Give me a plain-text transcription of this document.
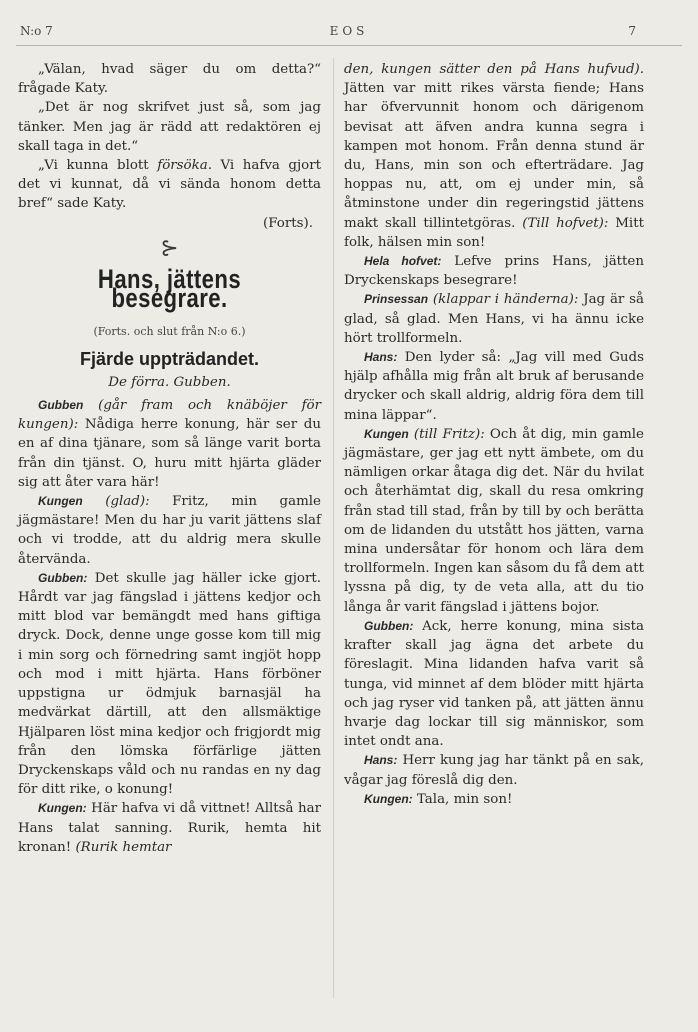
N:o 7	EOS	7

„Välan, hvad säger du om detta?“ frågade Katy.

„Det är nog skrifvet just så, som jag tänker. Men jag är rädd att redaktören ej skall taga in det.“

„Vi kunna blott försöka. Vi hafva gjort det vi kunnat, då vi sända honom detta bref“ sade Katy.

(Forts).

⊱
Hans, jättens besegrare.
(Forts. och slut från N:o 6.)
Fjärde uppträdandet.
De förra. Gubben.

Gubben (går fram och knäböjer för kungen): Nådiga herre konung, här ser du en af dina tjänare, som så länge varit borta från din tjänst. O, huru mitt hjärta gläder sig att åter vara här!

Kungen (glad): Fritz, min gamle jägmästare! Men du har ju varit jättens slaf och vi trodde, att du aldrig mera skulle återvända.

Gubben: Det skulle jag häller icke gjort. Hårdt var jag fängslad i jättens kedjor och mitt blod var bemängdt med hans giftiga dryck. Dock, denne unge gosse kom till mig i min sorg och förnedring samt ingjöt hopp och mod i mitt hjärta. Hans förböner uppstigna ur ödmjuk barnasjäl ha medvärkat därtill, att den allsmäktige Hjälparen löst mina kedjor och frigjordt mig från den lömska förfärlige jätten Dryckenskaps våld och nu randas en ny dag för ditt rike, o konung!

Kungen: Här hafva vi då vittnet! Alltså har Hans talat sanning. Rurik, hemta hit kronan! (Rurik hemtar

den, kungen sätter den på Hans hufvud). Jätten var mitt rikes värsta fiende; Hans har öfvervunnit honom och därigenom bevisat att äfven andra kunna segra i kampen mot honom. Från denna stund är du, Hans, min son och efterträdare. Jag hoppas nu, att, om ej under min, så åtminstone under din regeringstid jättens makt skall tillintetgöras. (Till hofvet): Mitt folk, hälsen min son!

Hela hofvet: Lefve prins Hans, jätten Dryckenskaps besegrare!

Prinsessan (klappar i händerna): Jag är så glad, så glad. Men Hans, vi ha ännu icke hört trollformeln.

Hans: Den lyder så: „Jag vill med Guds hjälp afhålla mig från alt bruk af berusande drycker och skall aldrig, aldrig föra dem till mina läppar“.

Kungen (till Fritz): Och åt dig, min gamle jägmästare, ger jag ett nytt ämbete, om du nämligen orkar åtaga dig det. När du hvilat och återhämtat dig, skall du resa omkring från stad till stad, från by till by och berätta om de lidanden du utstått hos jätten, varna mina undersåtar för honom och lära dem trollformeln. Ingen kan såsom du få dem att lyssna på dig, ty de veta alla, att du tio långa år varit fängslad i jättens bojor.

Gubben: Ack, herre konung, mina sista krafter skall jag ägna det arbete du föreslagit. Mina lidanden hafva varit så tunga, vid minnet af dem blöder mitt hjärta och jag ryser vid tanken på, att jätten ännu hvarje dag lockar till sig människor, som intet ondt ana.

Hans: Herr kung jag har tänkt på en sak, vågar jag föreslå dig den.

Kungen: Tala, min son!
